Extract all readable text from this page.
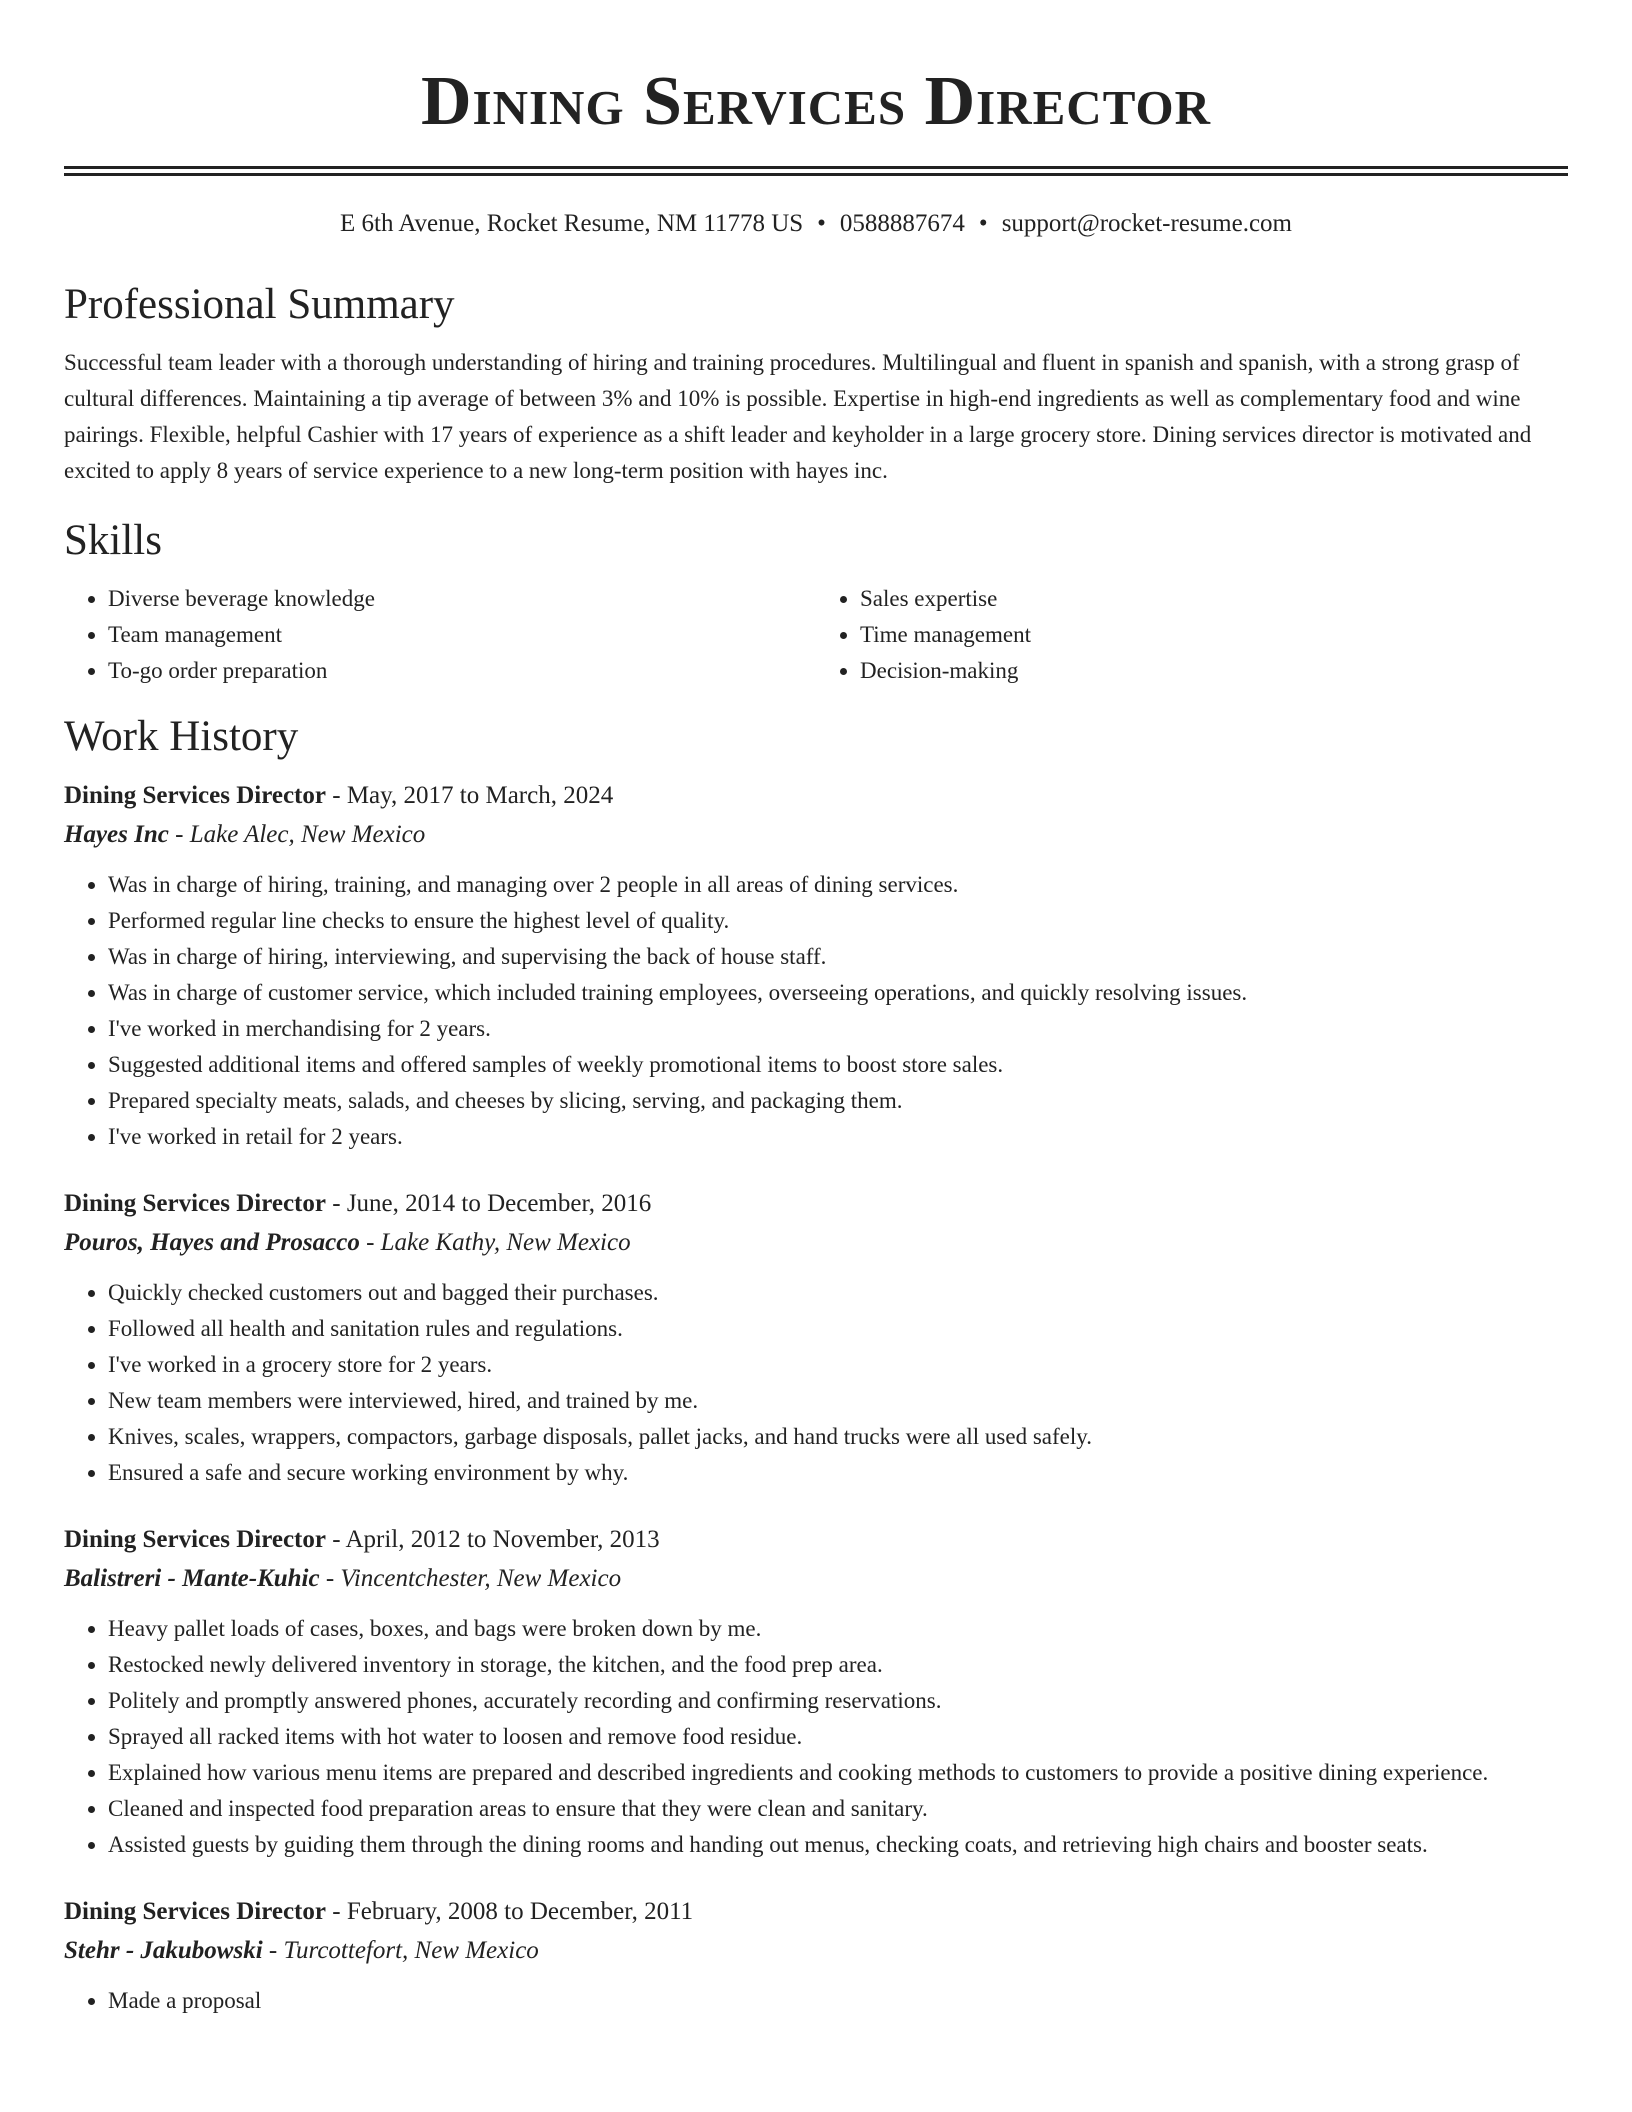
Dining Services Director
E 6th Avenue, Rocket Resume, NM 11778 US • 0588887674 • support@rocket-resume.com
Professional Summary

Successful team leader with a thorough understanding of hiring and training procedures. Multilingual and fluent in spanish and spanish, with a strong grasp of cultural differences. Maintaining a tip average of between 3% and 10% is possible. Expertise in high-end ingredients as well as complementary food and wine pairings. Flexible, helpful Cashier with 17 years of experience as a shift leader and keyholder in a large grocery store. Dining services director is motivated and excited to apply 8 years of service experience to a new long-term position with hayes inc.

Skills
• Diverse beverage knowledge
• Team management
• To-go order preparation
• Sales expertise
• Time management
• Decision-making
Work History
Dining Services Director - May, 2017 to March, 2024
Hayes Inc - Lake Alec, New Mexico
• Was in charge of hiring, training, and managing over 2 people in all areas of dining services.
• Performed regular line checks to ensure the highest level of quality.
• Was in charge of hiring, interviewing, and supervising the back of house staff.
• Was in charge of customer service, which included training employees, overseeing operations, and quickly resolving issues.
• I've worked in merchandising for 2 years.
• Suggested additional items and offered samples of weekly promotional items to boost store sales.
• Prepared specialty meats, salads, and cheeses by slicing, serving, and packaging them.
• I've worked in retail for 2 years.
Dining Services Director - June, 2014 to December, 2016
Pouros, Hayes and Prosacco - Lake Kathy, New Mexico
• Quickly checked customers out and bagged their purchases.
• Followed all health and sanitation rules and regulations.
• I've worked in a grocery store for 2 years.
• New team members were interviewed, hired, and trained by me.
• Knives, scales, wrappers, compactors, garbage disposals, pallet jacks, and hand trucks were all used safely.
• Ensured a safe and secure working environment by why.
Dining Services Director - April, 2012 to November, 2013
Balistreri - Mante-Kuhic - Vincentchester, New Mexico
• Heavy pallet loads of cases, boxes, and bags were broken down by me.
• Restocked newly delivered inventory in storage, the kitchen, and the food prep area.
• Politely and promptly answered phones, accurately recording and confirming reservations.
• Sprayed all racked items with hot water to loosen and remove food residue.
• Explained how various menu items are prepared and described ingredients and cooking methods to customers to provide a positive dining experience.
• Cleaned and inspected food preparation areas to ensure that they were clean and sanitary.
• Assisted guests by guiding them through the dining rooms and handing out menus, checking coats, and retrieving high chairs and booster seats.
Dining Services Director - February, 2008 to December, 2011
Stehr - Jakubowski - Turcottefort, New Mexico
• Made a proposal
